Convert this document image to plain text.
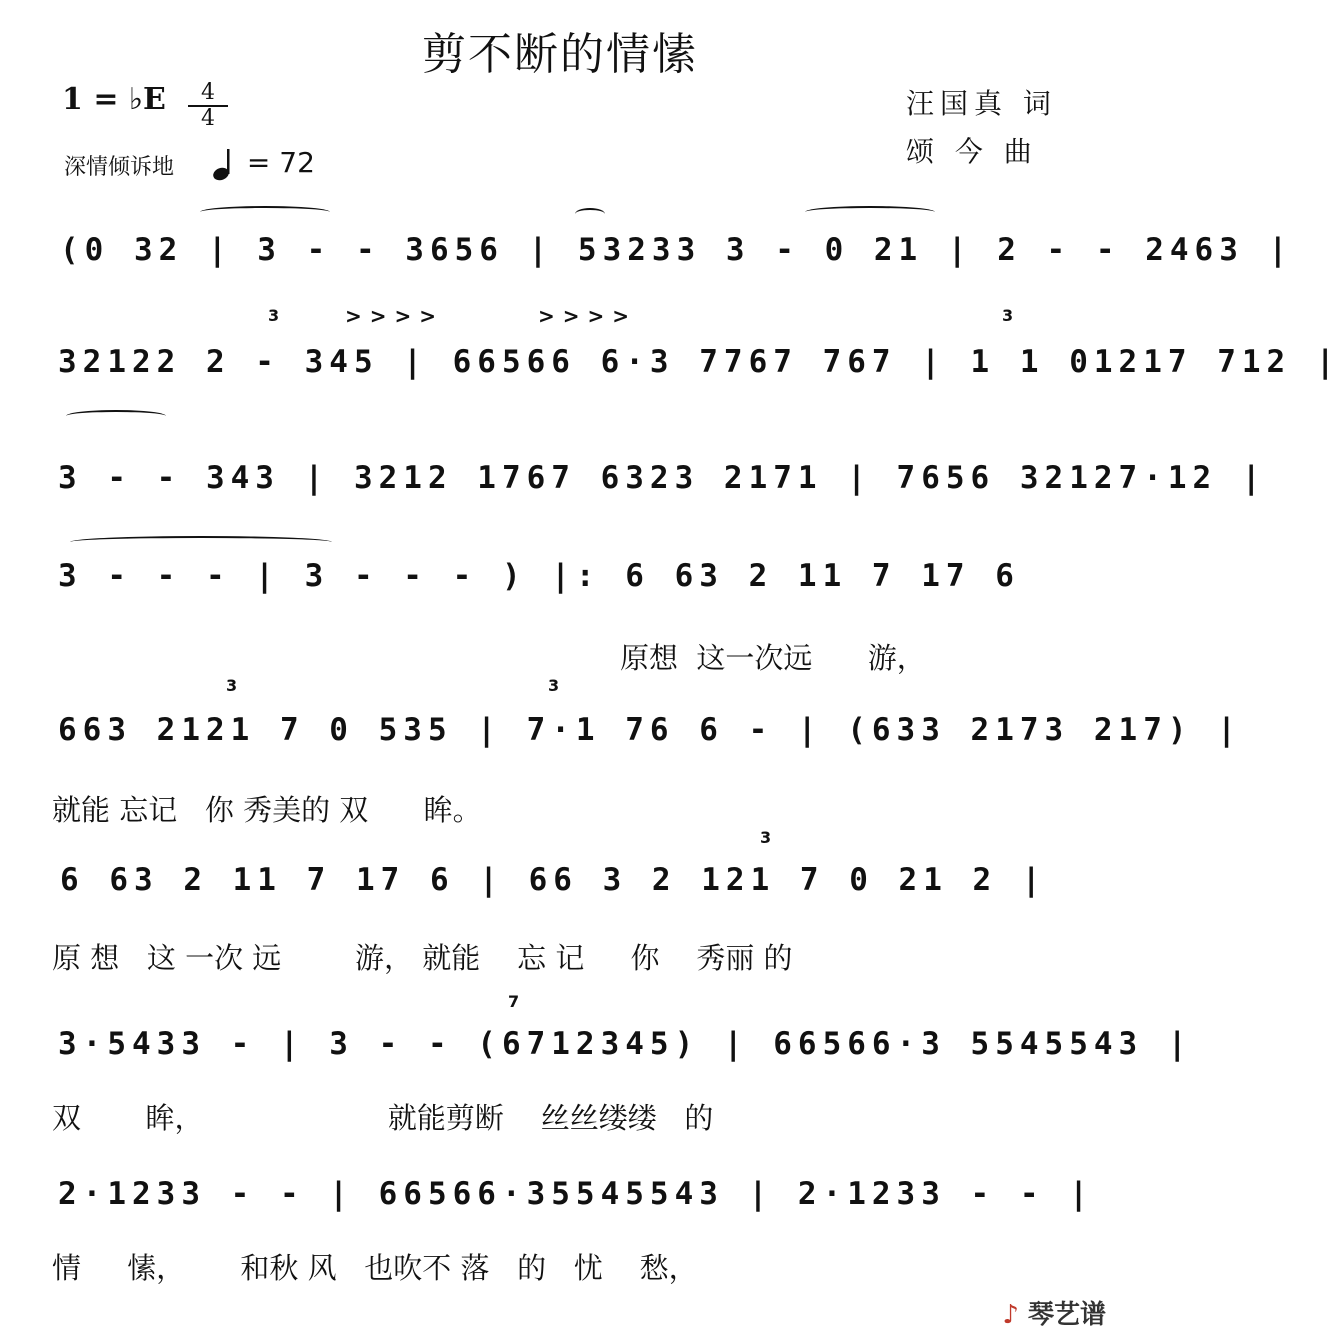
剪不断的情愫
1 = ♭E	4
4
深情倾诉地	= 72
汪国真 词
颂 今 曲
(0 32 | 3 - - 3656 | 53233 3 - 0 21 | 2 - - 2463 |
32122 2 - 345 | 66566 6·3 7767 767 | 1 1 01217 712 |
3	>>>>	>>>>	3
3 - - 343 | 3212 1767 6323 2171 | 7656 32127·12 |
3 - - - | 3 - - - ) |: 6 63 2 11 7 17 6
原想  这一次远      游，
663 2121 7 0 535 | 7·1 76 6 - | (633 2173 217) |
3	3
就能 忘记   你 秀美的 双      眸。
6 63 2 11 7 17 6 | 66 3 2 121 7 0 21 2 |
3
原 想   这 一次 远        游， 就能    忘 记     你    秀丽 的
3·5433 - | 3 - - (6712345) | 66566·3 5545543 |
7
双       眸，                    就能剪断    丝丝缕缕   的
2·1233 - - | 66566·35545543 | 2·1233 - - |
情     愫，      和秋 风   也吹不 落   的   忧    愁，
♪ 琴艺谱
